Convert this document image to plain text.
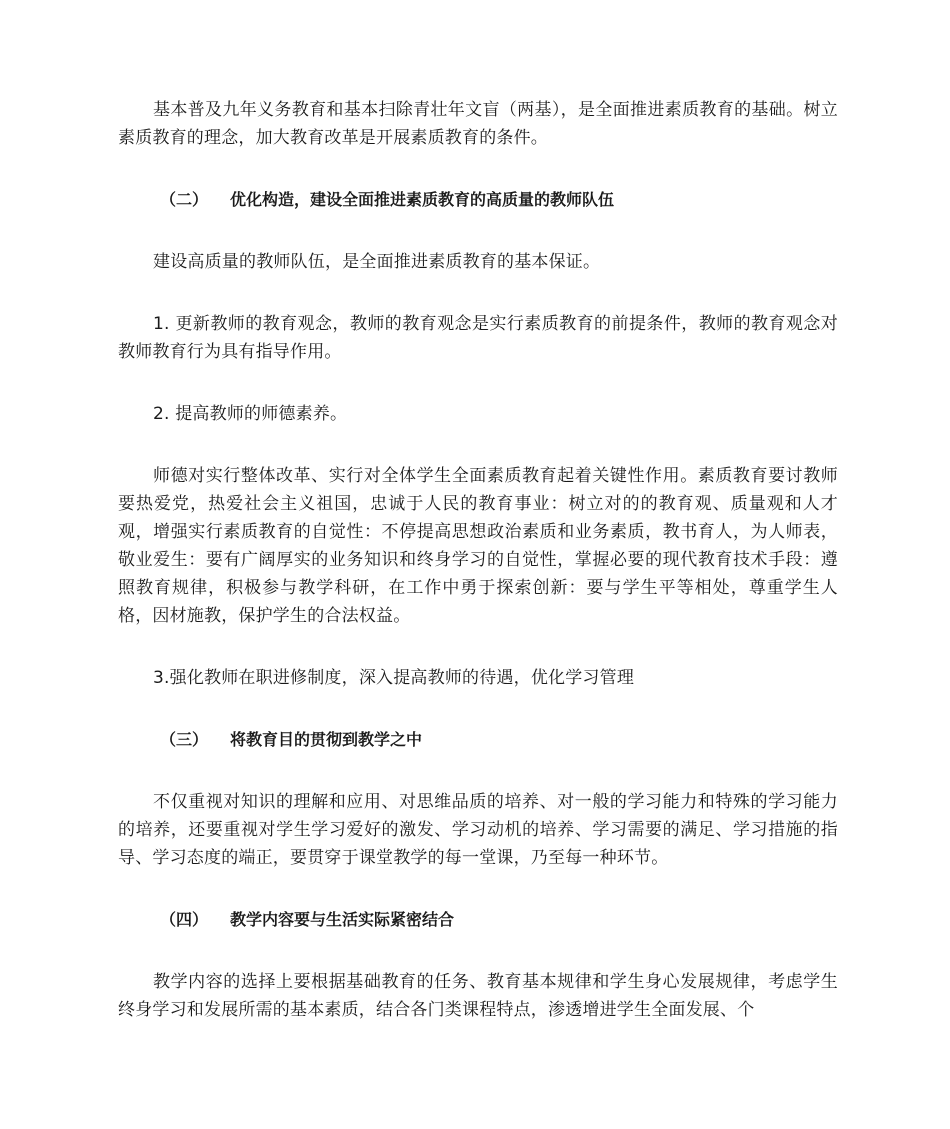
基本普及九年义务教育和基本扫除青壮年文盲（两基），是全面推进素质教育的基础。树立素质教育的理念，加大教育改革是开展素质教育的条件。

（二） 优化构造，建设全面推进素质教育的高质量的教师队伍

建设高质量的教师队伍，是全面推进素质教育的基本保证。

1. 更新教师的教育观念，教师的教育观念是实行素质教育的前提条件，教师的教育观念对教师教育行为具有指导作用。

2. 提高教师的师德素养。

师德对实行整体改革、实行对全体学生全面素质教育起着关键性作用。素质教育要讨教师要热爱党，热爱社会主义祖国，忠诚于人民的教育事业：树立对的的教育观、质量观和人才观，增强实行素质教育的自觉性：不停提高思想政治素质和业务素质，教书育人，为人师表，敬业爱生：要有广阔厚实的业务知识和终身学习的自觉性，掌握必要的现代教育技术手段：遵照教育规律，积极参与教学科研，在工作中勇于探索创新：要与学生平等相处，尊重学生人格，因材施教，保护学生的合法权益。

3.强化教师在职进修制度，深入提高教师的待遇，优化学习管理

（三） 将教育目的贯彻到教学之中

不仅重视对知识的理解和应用、对思维品质的培养、对一般的学习能力和特殊的学习能力的培养，还要重视对学生学习爱好的激发、学习动机的培养、学习需要的满足、学习措施的指导、学习态度的端正，要贯穿于课堂教学的每一堂课，乃至每一种环节。

（四） 教学内容要与生活实际紧密结合

教学内容的选择上要根据基础教育的任务、教育基本规律和学生身心发展规律，考虑学生终身学习和发展所需的基本素质，结合各门类课程特点，渗透增进学生全面发展、个
